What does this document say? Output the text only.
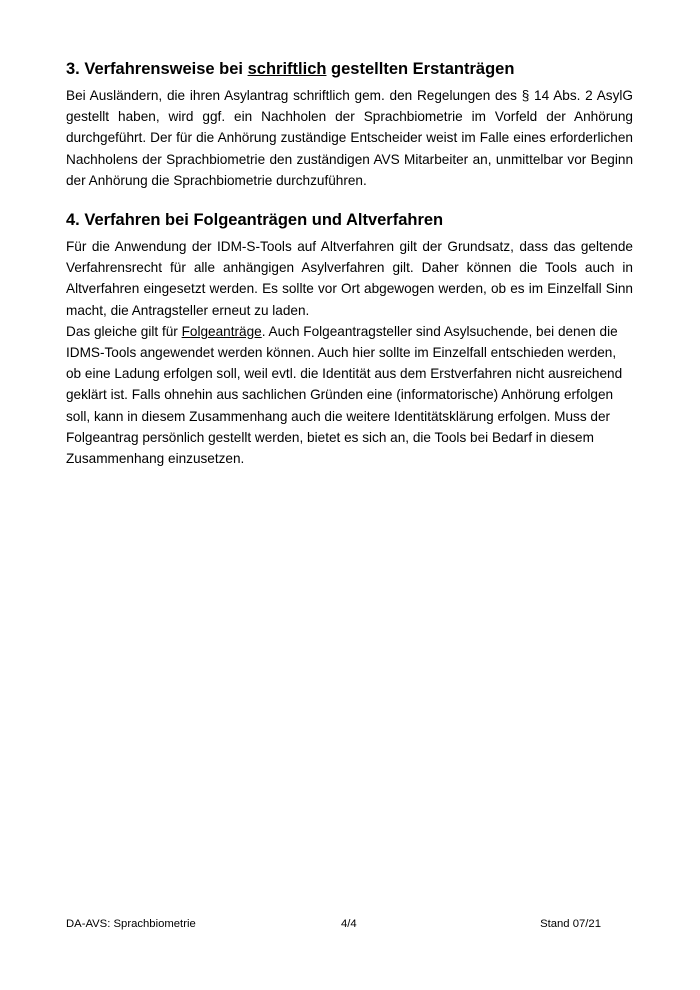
3. Verfahrensweise bei schriftlich gestellten Erstanträgen

Bei Ausländern, die ihren Asylantrag schriftlich gem. den Regelungen des § 14 Abs. 2 AsylG gestellt haben, wird ggf. ein Nachholen der Sprachbiometrie im Vorfeld der Anhörung durchgeführt. Der für die Anhörung zuständige Entscheider weist im Falle eines erforderlichen Nachholens der Sprachbiometrie den zuständigen AVS Mitarbeiter an, unmittelbar vor Beginn der Anhörung die Sprachbiometrie durchzuführen.

4. Verfahren bei Folgeanträgen und Altverfahren

Für die Anwendung der IDM-S-Tools auf Altverfahren gilt der Grundsatz, dass das geltende Verfahrensrecht für alle anhängigen Asylverfahren gilt. Daher können die Tools auch in Altverfahren eingesetzt werden. Es sollte vor Ort abgewogen werden, ob es im Einzelfall Sinn macht, die Antragsteller erneut zu laden.

Das gleiche gilt für Folgeanträge. Auch Folgeantragsteller sind Asylsuchende, bei denen die IDMS-Tools angewendet werden können. Auch hier sollte im Einzelfall entschieden werden, ob eine Ladung erfolgen soll, weil evtl. die Identität aus dem Erstverfahren nicht ausreichend geklärt ist. Falls ohnehin aus sachlichen Gründen eine (informatorische) Anhörung erfolgen soll, kann in diesem Zusammenhang auch die weitere Identitätsklärung erfolgen. Muss der Folgeantrag persönlich gestellt werden, bietet es sich an, die Tools bei Bedarf in diesem Zusammenhang einzusetzen.

DA-AVS: Sprachbiometrie	4/4	Stand 07/21
